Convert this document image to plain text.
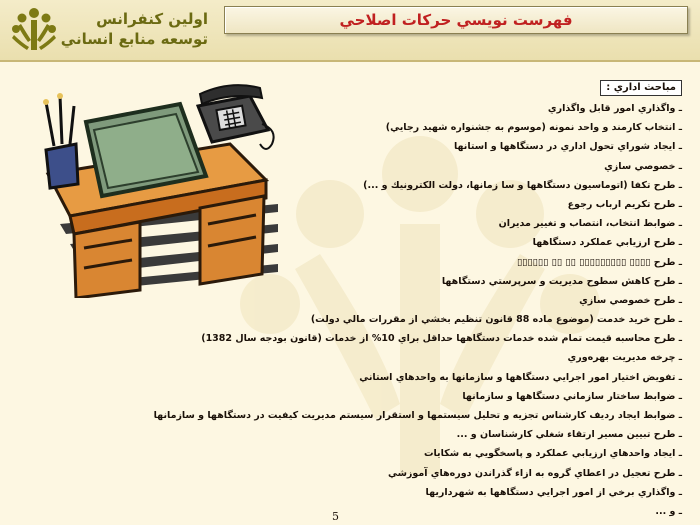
اولين كنفرانس
توسعه منابع انساني
فهرست نويسي حركات اصلاحي
مباحث اداري :
ـ واگذاري امور قابل واگذاري
ـ انتخاب كارمند و واحد نمونه (موسوم به جشنواره شهيد رجايي)
ـ ايجاد شوراي تحول اداري در دستگاهها و استانها
ـ خصوصي سازي
ـ طرح تكفا (اتوماسيون دستگاهها و سا زمانها، دولت الكترونيك و ...)
ـ طرح تكريم ارباب رجوع
ـ ضوابط انتخاب، انتصاب و تغيير مديران
ـ طرح ارزيابي عملكرد دستگاهها
ـ طرح ▯▯▯▯ ▯▯▯▯▯▯▯▯▯ ▯▯ ▯▯ ▯▯▯▯▯▯
ـ طرح كاهش سطوح مديريت و سرپرستي دستگاهها
ـ طرح خصوصي سازي
ـ طرح خريد خدمت (موضوع ماده 88 قانون تنظيم بخشي از مقررات مالي دولت)
ـ طرح محاسبه قيمت تمام شده خدمات دستگاهها حداقل براي 10% از خدمات (قانون بودجه سال 1382)
ـ چرخه مديريت بهره‌وري
ـ تفويض اختيار امور اجرايي دستگاهها و سازمانها به واحدهاي استاني
ـ ضوابط ساختار سازماني دستگاهها و سازمانها
ـ ضوابط ايجاد رديف كارشناس تجزيه و تحليل سيستمها و استقرار سيستم مديريت كيفيت در دستگاهها و سازمانها
ـ طرح تبيين مسير ارتقاء شغلي كارشناسان و ...
ـ ايجاد واحدهاي ارزيابي عملكرد و پاسخگويي به شكايات
ـ طرح تعجيل در اعطاي گروه به ازاء گذراندن دوره‌هاي آموزشي
ـ واگذاري برخي از امور اجرايي دستگاهها به شهرداريها
ـ و ...
5
